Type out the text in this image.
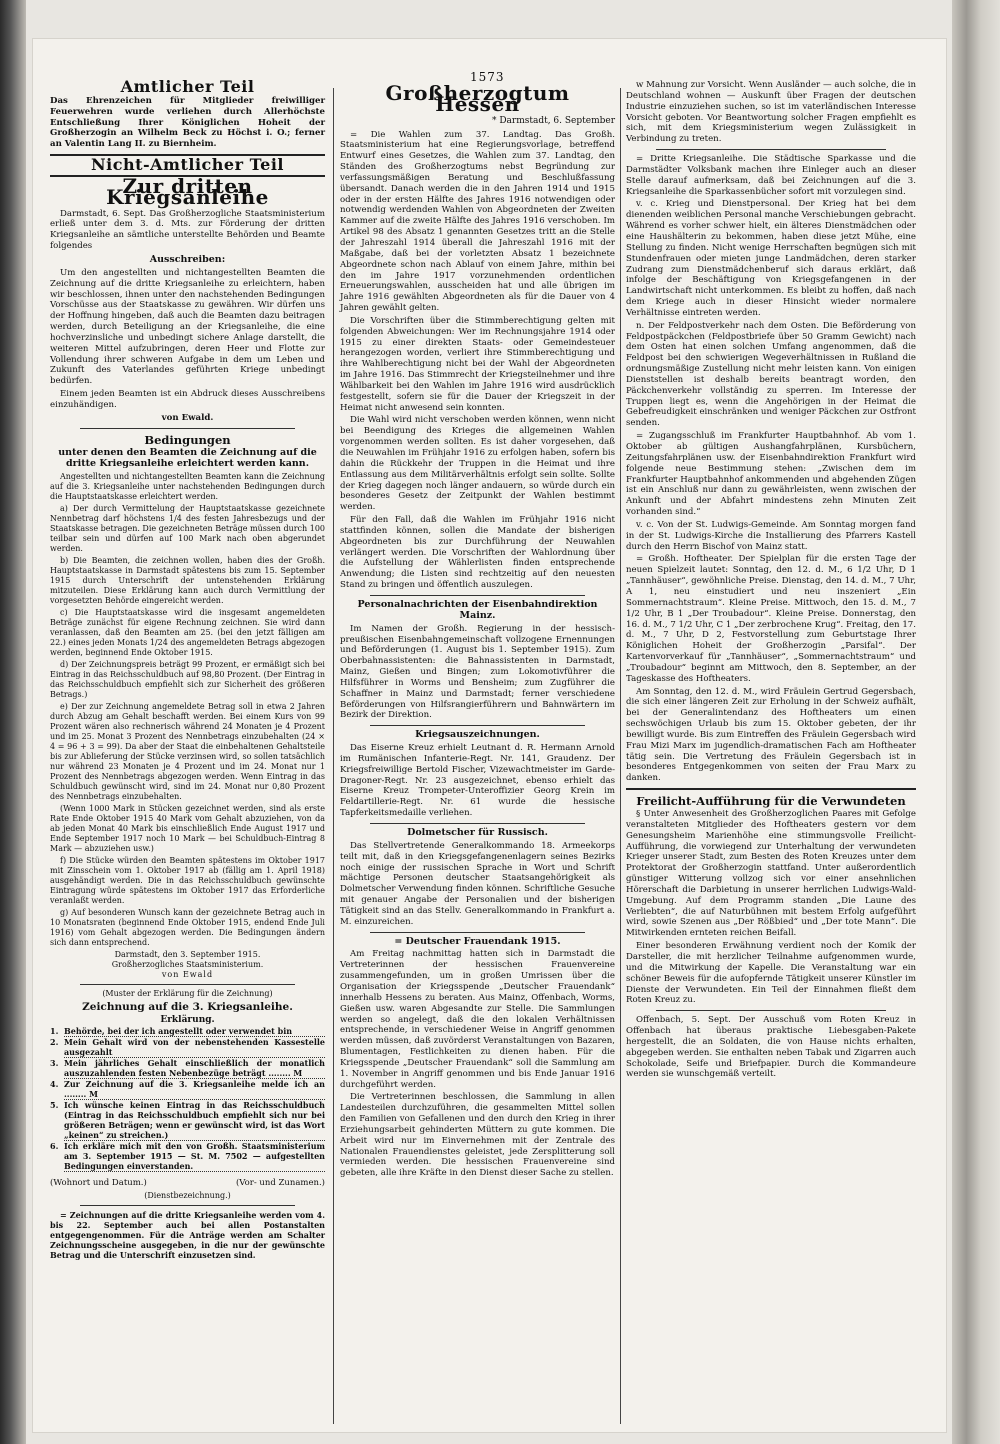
1573
Amtlicher Teil

Das Ehrenzeichen für Mitglieder freiwilliger Feuerwehren wurde verliehen durch Allerhöchste Entschließung Ihrer Königlichen Hoheit der Großherzogin an Wilhelm Beck zu Höchst i. O.; ferner an Valentin Lang II. zu Biernheim.

Nicht-Amtlicher Teil
Zur dritten Kriegsanleihe

Darmstadt, 6. Sept. Das Großherzogliche Staatsministerium erließ unter dem 3. d. Mts. zur Förderung der dritten Kriegsanleihe an sämtliche unterstellte Behörden und Beamte folgendes

Ausschreiben:

Um den angestellten und nichtangestellten Beamten die Zeichnung auf die dritte Kriegsanleihe zu erleichtern, haben wir beschlossen, ihnen unter den nachstehenden Bedingungen Vorschüsse aus der Staatskasse zu gewähren. Wir dürfen uns der Hoffnung hingeben, daß auch die Beamten dazu beitragen werden, durch Beteiligung an der Kriegsanleihe, die eine hochverzinsliche und unbedingt sichere Anlage darstellt, die weiteren Mittel aufzubringen, deren Heer und Flotte zur Vollendung ihrer schweren Aufgabe in dem um Leben und Zukunft des Vaterlandes geführten Kriege unbedingt bedürfen.

Einem jeden Beamten ist ein Abdruck dieses Ausschreibens einzuhändigen.

von Ewald.
Bedingungen
unter denen den Beamten die Zeichnung auf die dritte Kriegsanleihe erleichtert werden kann.

Angestellten und nichtangestellten Beamten kann die Zeichnung auf die 3. Kriegsanleihe unter nachstehenden Bedingungen durch die Hauptstaatskasse erleichtert werden.

a) Der durch Vermittelung der Hauptstaatskasse gezeichnete Nennbetrag darf höchstens 1/4 des festen Jahresbezugs und der Staatskasse betragen. Die gezeichneten Beträge müssen durch 100 teilbar sein und dürfen auf 100 Mark nach oben abgerundet werden.

b) Die Beamten, die zeichnen wollen, haben dies der Großh. Hauptstaatskasse in Darmstadt spätestens bis zum 15. September 1915 durch Unterschrift der untenstehenden Erklärung mitzuteilen. Diese Erklärung kann auch durch Vermittlung der vorgesetzten Behörde eingereicht werden.

c) Die Hauptstaatskasse wird die insgesamt angemeldeten Beträge zunächst für eigene Rechnung zeichnen. Sie wird dann veranlassen, daß den Beamten am 25. (bei den jetzt fälligen am 22.) eines jeden Monats 1/24 des angemeldeten Betrags abgezogen werden, beginnend Ende Oktober 1915.

d) Der Zeichnungspreis beträgt 99 Prozent, er ermäßigt sich bei Eintrag in das Reichsschuldbuch auf 98,80 Prozent. (Der Eintrag in das Reichsschuldbuch empfiehlt sich zur Sicherheit des größeren Betrags.)

e) Der zur Zeichnung angemeldete Betrag soll in etwa 2 Jahren durch Abzug am Gehalt beschafft werden. Bei einem Kurs von 99 Prozent wären also rechnerisch während 24 Monaten je 4 Prozent und im 25. Monat 3 Prozent des Nennbetrags einzubehalten (24 × 4 = 96 + 3 = 99). Da aber der Staat die einbehaltenen Gehaltsteile bis zur Ablieferung der Stücke verzinsen wird, so sollen tatsächlich nur während 23 Monaten je 4 Prozent und im 24. Monat nur 1 Prozent des Nennbetrags abgezogen werden. Wenn Eintrag in das Schuldbuch gewünscht wird, sind im 24. Monat nur 0,80 Prozent des Nennbetrags einzubehalten.

(Wenn 1000 Mark in Stücken gezeichnet werden, sind als erste Rate Ende Oktober 1915 40 Mark vom Gehalt abzuziehen, von da ab jeden Monat 40 Mark bis einschließlich Ende August 1917 und Ende September 1917 noch 10 Mark — bei Schuldbuch-Eintrag 8 Mark — abzuziehen usw.)

f) Die Stücke würden den Beamten spätestens im Oktober 1917 mit Zinsschein vom 1. Oktober 1917 ab (fällig am 1. April 1918) ausgehändigt werden. Die in das Reichsschuldbuch gewünschte Eintragung würde spätestens im Oktober 1917 das Erforderliche veranlaßt werden.

g) Auf besonderen Wunsch kann der gezeichnete Betrag auch in 10 Monatsraten (beginnend Ende Oktober 1915, endend Ende Juli 1916) vom Gehalt abgezogen werden. Die Bedingungen ändern sich dann entsprechend.

Darmstadt, den 3. September 1915.
Großherzogliches Staatsministerium.
von Ewald
(Muster der Erklärung für die Zeichnung)
Zeichnung auf die 3. Kriegsanleihe.
Erklärung.
1. Behörde, bei der ich angestellt oder verwendet bin
2. Mein Gehalt wird von der nebenstehenden Kassestelle ausgezahlt
3. Mein jährliches Gehalt einschließlich der monatlich auszuzahlenden festen Nebenbezüge beträgt ........ M
4. Zur Zeichnung auf die 3. Kriegsanleihe melde ich an ........ M
5. Ich wünsche keinen Eintrag in das Reichsschuldbuch (Eintrag in das Reichsschuldbuch empfiehlt sich nur bei größeren Beträgen; wenn er gewünscht wird, ist das Wort „keinen“ zu streichen.)
6. Ich erkläre mich mit den von Großh. Staatsministerium am 3. September 1915 — St. M. 7502 — aufgestellten Bedingungen einverstanden.
(Wohnort und Datum.)	(Vor- und Zunamen.)
(Dienstbezeichnung.)

= Zeichnungen auf die dritte Kriegsanleihe werden vom 4. bis 22. September auch bei allen Postanstalten entgegengenommen. Für die Anträge werden am Schalter Zeichnungsscheine ausgegeben, in die nur der gewünschte Betrag und die Unterschrift einzusetzen sind.

Großherzogtum Hessen
* Darmstadt, 6. September

= Die Wahlen zum 37. Landtag. Das Großh. Staatsministerium hat eine Regierungsvorlage, betreffend Entwurf eines Gesetzes, die Wahlen zum 37. Landtag, den Ständen des Großherzogtums nebst Begründung zur verfassungsmäßigen Beratung und Beschlußfassung übersandt. Danach werden die in den Jahren 1914 und 1915 oder in der ersten Hälfte des Jahres 1916 notwendigen oder notwendig werdenden Wahlen von Abgeordneten der Zweiten Kammer auf die zweite Hälfte des Jahres 1916 verschoben. Im Artikel 98 des Absatz 1 genannten Gesetzes tritt an die Stelle der Jahreszahl 1914 überall die Jahreszahl 1916 mit der Maßgabe, daß bei der vorletzten Absatz 1 bezeichnete Abgeordnete schon nach Ablauf von einem Jahre, mithin bei den im Jahre 1917 vorzunehmenden ordentlichen Erneuerungswahlen, ausscheiden hat und alle übrigen im Jahre 1916 gewählten Abgeordneten als für die Dauer von 4 Jahren gewählt gelten.

Die Vorschriften über die Stimmberechtigung gelten mit folgenden Abweichungen: Wer im Rechnungsjahre 1914 oder 1915 zu einer direkten Staats- oder Gemeindesteuer herangezogen worden, verliert ihre Stimmberechtigung und ihre Wahlberechtigung nicht bei der Wahl der Abgeordneten im Jahre 1916. Das Stimmrecht der Kriegsteilnehmer und ihre Wählbarkeit bei den Wahlen im Jahre 1916 wird ausdrücklich festgestellt, sofern sie für die Dauer der Kriegszeit in der Heimat nicht anwesend sein konnten.

Die Wahl wird nicht verschoben werden können, wenn nicht bei Beendigung des Krieges die allgemeinen Wahlen vorgenommen werden sollten. Es ist daher vorgesehen, daß die Neuwahlen im Frühjahr 1916 zu erfolgen haben, sofern bis dahin die Rückkehr der Truppen in die Heimat und ihre Entlassung aus dem Militärverhältnis erfolgt sein sollte. Sollte der Krieg dagegen noch länger andauern, so würde durch ein besonderes Gesetz der Zeitpunkt der Wahlen bestimmt werden.

Für den Fall, daß die Wahlen im Frühjahr 1916 nicht stattfinden können, sollen die Mandate der bisherigen Abgeordneten bis zur Durchführung der Neuwahlen verlängert werden. Die Vorschriften der Wahlordnung über die Aufstellung der Wählerlisten finden entsprechende Anwendung; die Listen sind rechtzeitig auf den neuesten Stand zu bringen und öffentlich auszulegen.

Personalnachrichten der Eisenbahndirektion Mainz.

Im Namen der Großh. Regierung in der hessisch-preußischen Eisenbahngemeinschaft vollzogene Ernennungen und Beförderungen (1. August bis 1. September 1915). Zum Oberbahnassistenten: die Bahnassistenten in Darmstadt, Mainz, Gießen und Bingen; zum Lokomotivführer die Hilfsführer in Worms und Bensheim; zum Zugführer die Schaffner in Mainz und Darmstadt; ferner verschiedene Beförderungen von Hilfsrangierführern und Bahnwärtern im Bezirk der Direktion.

Kriegsauszeichnungen.

Das Eiserne Kreuz erhielt Leutnant d. R. Hermann Arnold im Rumänischen Infanterie-Regt. Nr. 141, Graudenz. Der Kriegsfreiwillige Bertold Fischer, Vizewachtmeister im Garde-Dragoner-Regt. Nr. 23 ausgezeichnet, ebenso erhielt das Eiserne Kreuz Trompeter-Unteroffizier Georg Krein im Feldartillerie-Regt. Nr. 61 wurde die hessische Tapferkeitsmedaille verliehen.

Dolmetscher für Russisch.

Das Stellvertretende Generalkommando 18. Armeekorps teilt mit, daß in den Kriegsgefangenenlagern seines Bezirks noch einige der russischen Sprache in Wort und Schrift mächtige Personen deutscher Staatsangehörigkeit als Dolmetscher Verwendung finden können. Schriftliche Gesuche mit genauer Angabe der Personalien und der bisherigen Tätigkeit sind an das Stellv. Generalkommando in Frankfurt a. M. einzureichen.

= Deutscher Frauendank 1915.

Am Freitag nachmittag hatten sich in Darmstadt die Vertreterinnen der hessischen Frauenvereine zusammengefunden, um in großen Umrissen über die Organisation der Kriegsspende „Deutscher Frauendank“ innerhalb Hessens zu beraten. Aus Mainz, Offenbach, Worms, Gießen usw. waren Abgesandte zur Stelle. Die Sammlungen werden so angelegt, daß die den lokalen Verhältnissen entsprechende, in verschiedener Weise in Angriff genommen werden müssen, daß zuvörderst Veranstaltungen von Bazaren, Blumentagen, Festlichkeiten zu dienen haben. Für die Kriegsspende „Deutscher Frauendank“ soll die Sammlung am 1. November in Angriff genommen und bis Ende Januar 1916 durchgeführt werden.

Die Vertreterinnen beschlossen, die Sammlung in allen Landesteilen durchzuführen, die gesammelten Mittel sollen den Familien von Gefallenen und den durch den Krieg in ihrer Erziehungsarbeit gehinderten Müttern zu gute kommen. Die Arbeit wird nur im Einvernehmen mit der Zentrale des Nationalen Frauendienstes geleistet, jede Zersplitterung soll vermieden werden. Die hessischen Frauenvereine sind gebeten, alle ihre Kräfte in den Dienst dieser Sache zu stellen.

w Mahnung zur Vorsicht. Wenn Ausländer — auch solche, die in Deutschland wohnen — Auskunft über Fragen der deutschen Industrie einzuziehen suchen, so ist im vaterländischen Interesse Vorsicht geboten. Vor Beantwortung solcher Fragen empfiehlt es sich, mit dem Kriegsministerium wegen Zulässigkeit in Verbindung zu treten.

= Dritte Kriegsanleihe. Die Städtische Sparkasse und die Darmstädter Volksbank machen ihre Einleger auch an dieser Stelle darauf aufmerksam, daß bei Zeichnungen auf die 3. Kriegsanleihe die Sparkassenbücher sofort mit vorzulegen sind.

v. c. Krieg und Dienstpersonal. Der Krieg hat bei dem dienenden weiblichen Personal manche Verschiebungen gebracht. Während es vorher schwer hielt, ein älteres Dienstmädchen oder eine Haushälterin zu bekommen, haben diese jetzt Mühe, eine Stellung zu finden. Nicht wenige Herrschaften begnügen sich mit Stundenfrauen oder mieten junge Landmädchen, deren starker Zudrang zum Dienstmädchenberuf sich daraus erklärt, daß infolge der Beschäftigung von Kriegsgefangenen in der Landwirtschaft nicht unterkommen. Es bleibt zu hoffen, daß nach dem Kriege auch in dieser Hinsicht wieder normalere Verhältnisse eintreten werden.

n. Der Feldpostverkehr nach dem Osten. Die Beförderung von Feldpostpäckchen (Feldpostbriefe über 50 Gramm Gewicht) nach dem Osten hat einen solchen Umfang angenommen, daß die Feldpost bei den schwierigen Wegeverhältnissen in Rußland die ordnungsmäßige Zustellung nicht mehr leisten kann. Von einigen Dienststellen ist deshalb bereits beantragt worden, den Päckchenverkehr vollständig zu sperren. Im Interesse der Truppen liegt es, wenn die Angehörigen in der Heimat die Gebefreudigkeit einschränken und weniger Päckchen zur Ostfront senden.

= Zugangsschluß im Frankfurter Hauptbahnhof. Ab vom 1. Oktober ab gültigen Aushangfahrplänen, Kursbüchern, Zeitungsfahrplänen usw. der Eisenbahndirektion Frankfurt wird folgende neue Bestimmung stehen: „Zwischen dem im Frankfurter Hauptbahnhof ankommenden und abgehenden Zügen ist ein Anschluß nur dann zu gewährleisten, wenn zwischen der Ankunft und der Abfahrt mindestens zehn Minuten Zeit vorhanden sind.“

v. c. Von der St. Ludwigs-Gemeinde. Am Sonntag morgen fand in der St. Ludwigs-Kirche die Installierung des Pfarrers Kastell durch den Herrn Bischof von Mainz statt.

= Großh. Hoftheater. Der Spielplan für die ersten Tage der neuen Spielzeit lautet: Sonntag, den 12. d. M., 6 1/2 Uhr, D 1 „Tannhäuser“, gewöhnliche Preise. Dienstag, den 14. d. M., 7 Uhr, A 1, neu einstudiert und neu inszeniert „Ein Sommernachtstraum“. Kleine Preise. Mittwoch, den 15. d. M., 7 1/2 Uhr, B 1 „Der Troubadour“. Kleine Preise. Donnerstag, den 16. d. M., 7 1/2 Uhr, C 1 „Der zerbrochene Krug“. Freitag, den 17. d. M., 7 Uhr, D 2, Festvorstellung zum Geburtstage Ihrer Königlichen Hoheit der Großherzogin „Parsifal“. Der Kartenvorverkauf für „Tannhäuser“, „Sommernachtstraum“ und „Troubadour“ beginnt am Mittwoch, den 8. September, an der Tageskasse des Hoftheaters.

Am Sonntag, den 12. d. M., wird Fräulein Gertrud Gegersbach, die sich einer längeren Zeit zur Erholung in der Schweiz aufhält, bei der Generalintendanz des Hoftheaters um einen sechswöchigen Urlaub bis zum 15. Oktober gebeten, der ihr bewilligt wurde. Bis zum Eintreffen des Fräulein Gegersbach wird Frau Mizi Marx im jugendlich-dramatischen Fach am Hoftheater tätig sein. Die Vertretung des Fräulein Gegersbach ist in besonderes Entgegenkommen von seiten der Frau Marx zu danken.

Freilicht-Aufführung für die Verwundeten

§ Unter Anwesenheit des Großherzoglichen Paares mit Gefolge veranstalteten Mitglieder des Hoftheaters gestern vor dem Genesungsheim Marienhöhe eine stimmungsvolle Freilicht-Aufführung, die vorwiegend zur Unterhaltung der verwundeten Krieger unserer Stadt, zum Besten des Roten Kreuzes unter dem Protektorat der Großherzogin stattfand. Unter außerordentlich günstiger Witterung vollzog sich vor einer ansehnlichen Hörerschaft die Darbietung in unserer herrlichen Ludwigs-Wald-Umgebung. Auf dem Programm standen „Die Laune des Verliebten“, die auf Naturbühnen mit bestem Erfolg aufgeführt wird, sowie Szenen aus „Der Rößbied“ und „Der tote Mann“. Die Mitwirkenden ernteten reichen Beifall.

Einer besonderen Erwähnung verdient noch der Komik der Darsteller, die mit herzlicher Teilnahme aufgenommen wurde, und die Mitwirkung der Kapelle. Die Veranstaltung war ein schöner Beweis für die aufopfernde Tätigkeit unserer Künstler im Dienste der Verwundeten. Ein Teil der Einnahmen fließt dem Roten Kreuz zu.

Offenbach, 5. Sept. Der Ausschuß vom Roten Kreuz in Offenbach hat überaus praktische Liebesgaben-Pakete hergestellt, die an Soldaten, die von Hause nichts erhalten, abgegeben werden. Sie enthalten neben Tabak und Zigarren auch Schokolade, Seife und Briefpapier. Durch die Kommandeure werden sie wunschgemäß verteilt.
